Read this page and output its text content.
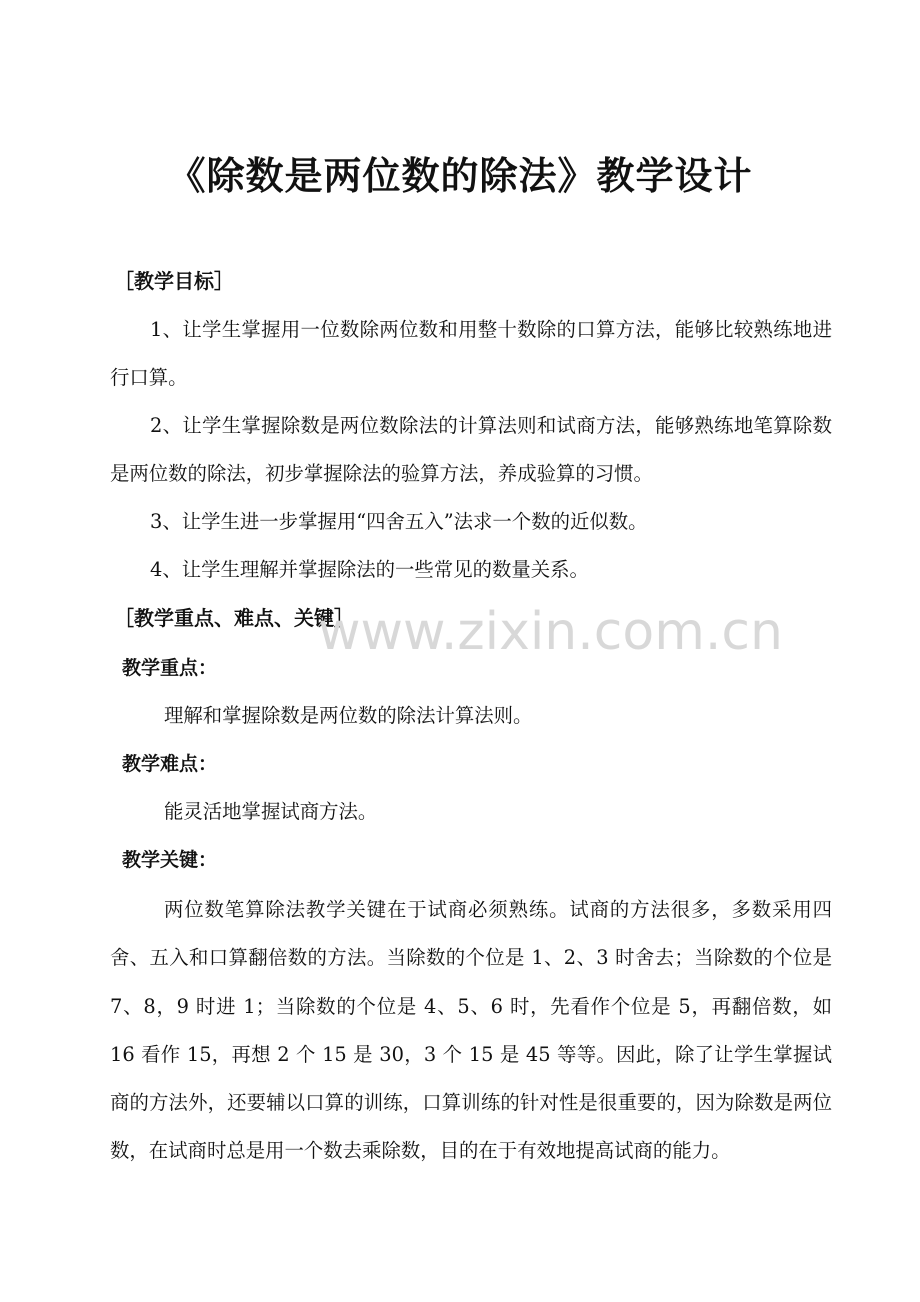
《除数是两位数的除法》教学设计
［教学目标］
1、让学生掌握用一位数除两位数和用整十数除的口算方法，能够比较熟练地进行口算。
2、让学生掌握除数是两位数除法的计算法则和试商方法，能够熟练地笔算除数是两位数的除法，初步掌握除法的验算方法，养成验算的习惯。
3、让学生进一步掌握用“四舍五入”法求一个数的近似数。
4、让学生理解并掌握除法的一些常见的数量关系。
［教学重点、难点、关键］
www.zixin.com.cn
教学重点：
理解和掌握除数是两位数的除法计算法则。
教学难点：
能灵活地掌握试商方法。
教学关键：
两位数笔算除法教学关键在于试商必须熟练。试商的方法很多，多数采用四舍、五入和口算翻倍数的方法。当除数的个位是 1、2、3 时舍去；当除数的个位是 7、8，9 时进 1；当除数的个位是 4、5、6 时，先看作个位是 5，再翻倍数，如 16 看作 15，再想 2 个 15 是 30，3 个 15 是 45 等等。因此，除了让学生掌握试商的方法外，还要辅以口算的训练，口算训练的针对性是很重要的，因为除数是两位数，在试商时总是用一个数去乘除数，目的在于有效地提高试商的能力。
